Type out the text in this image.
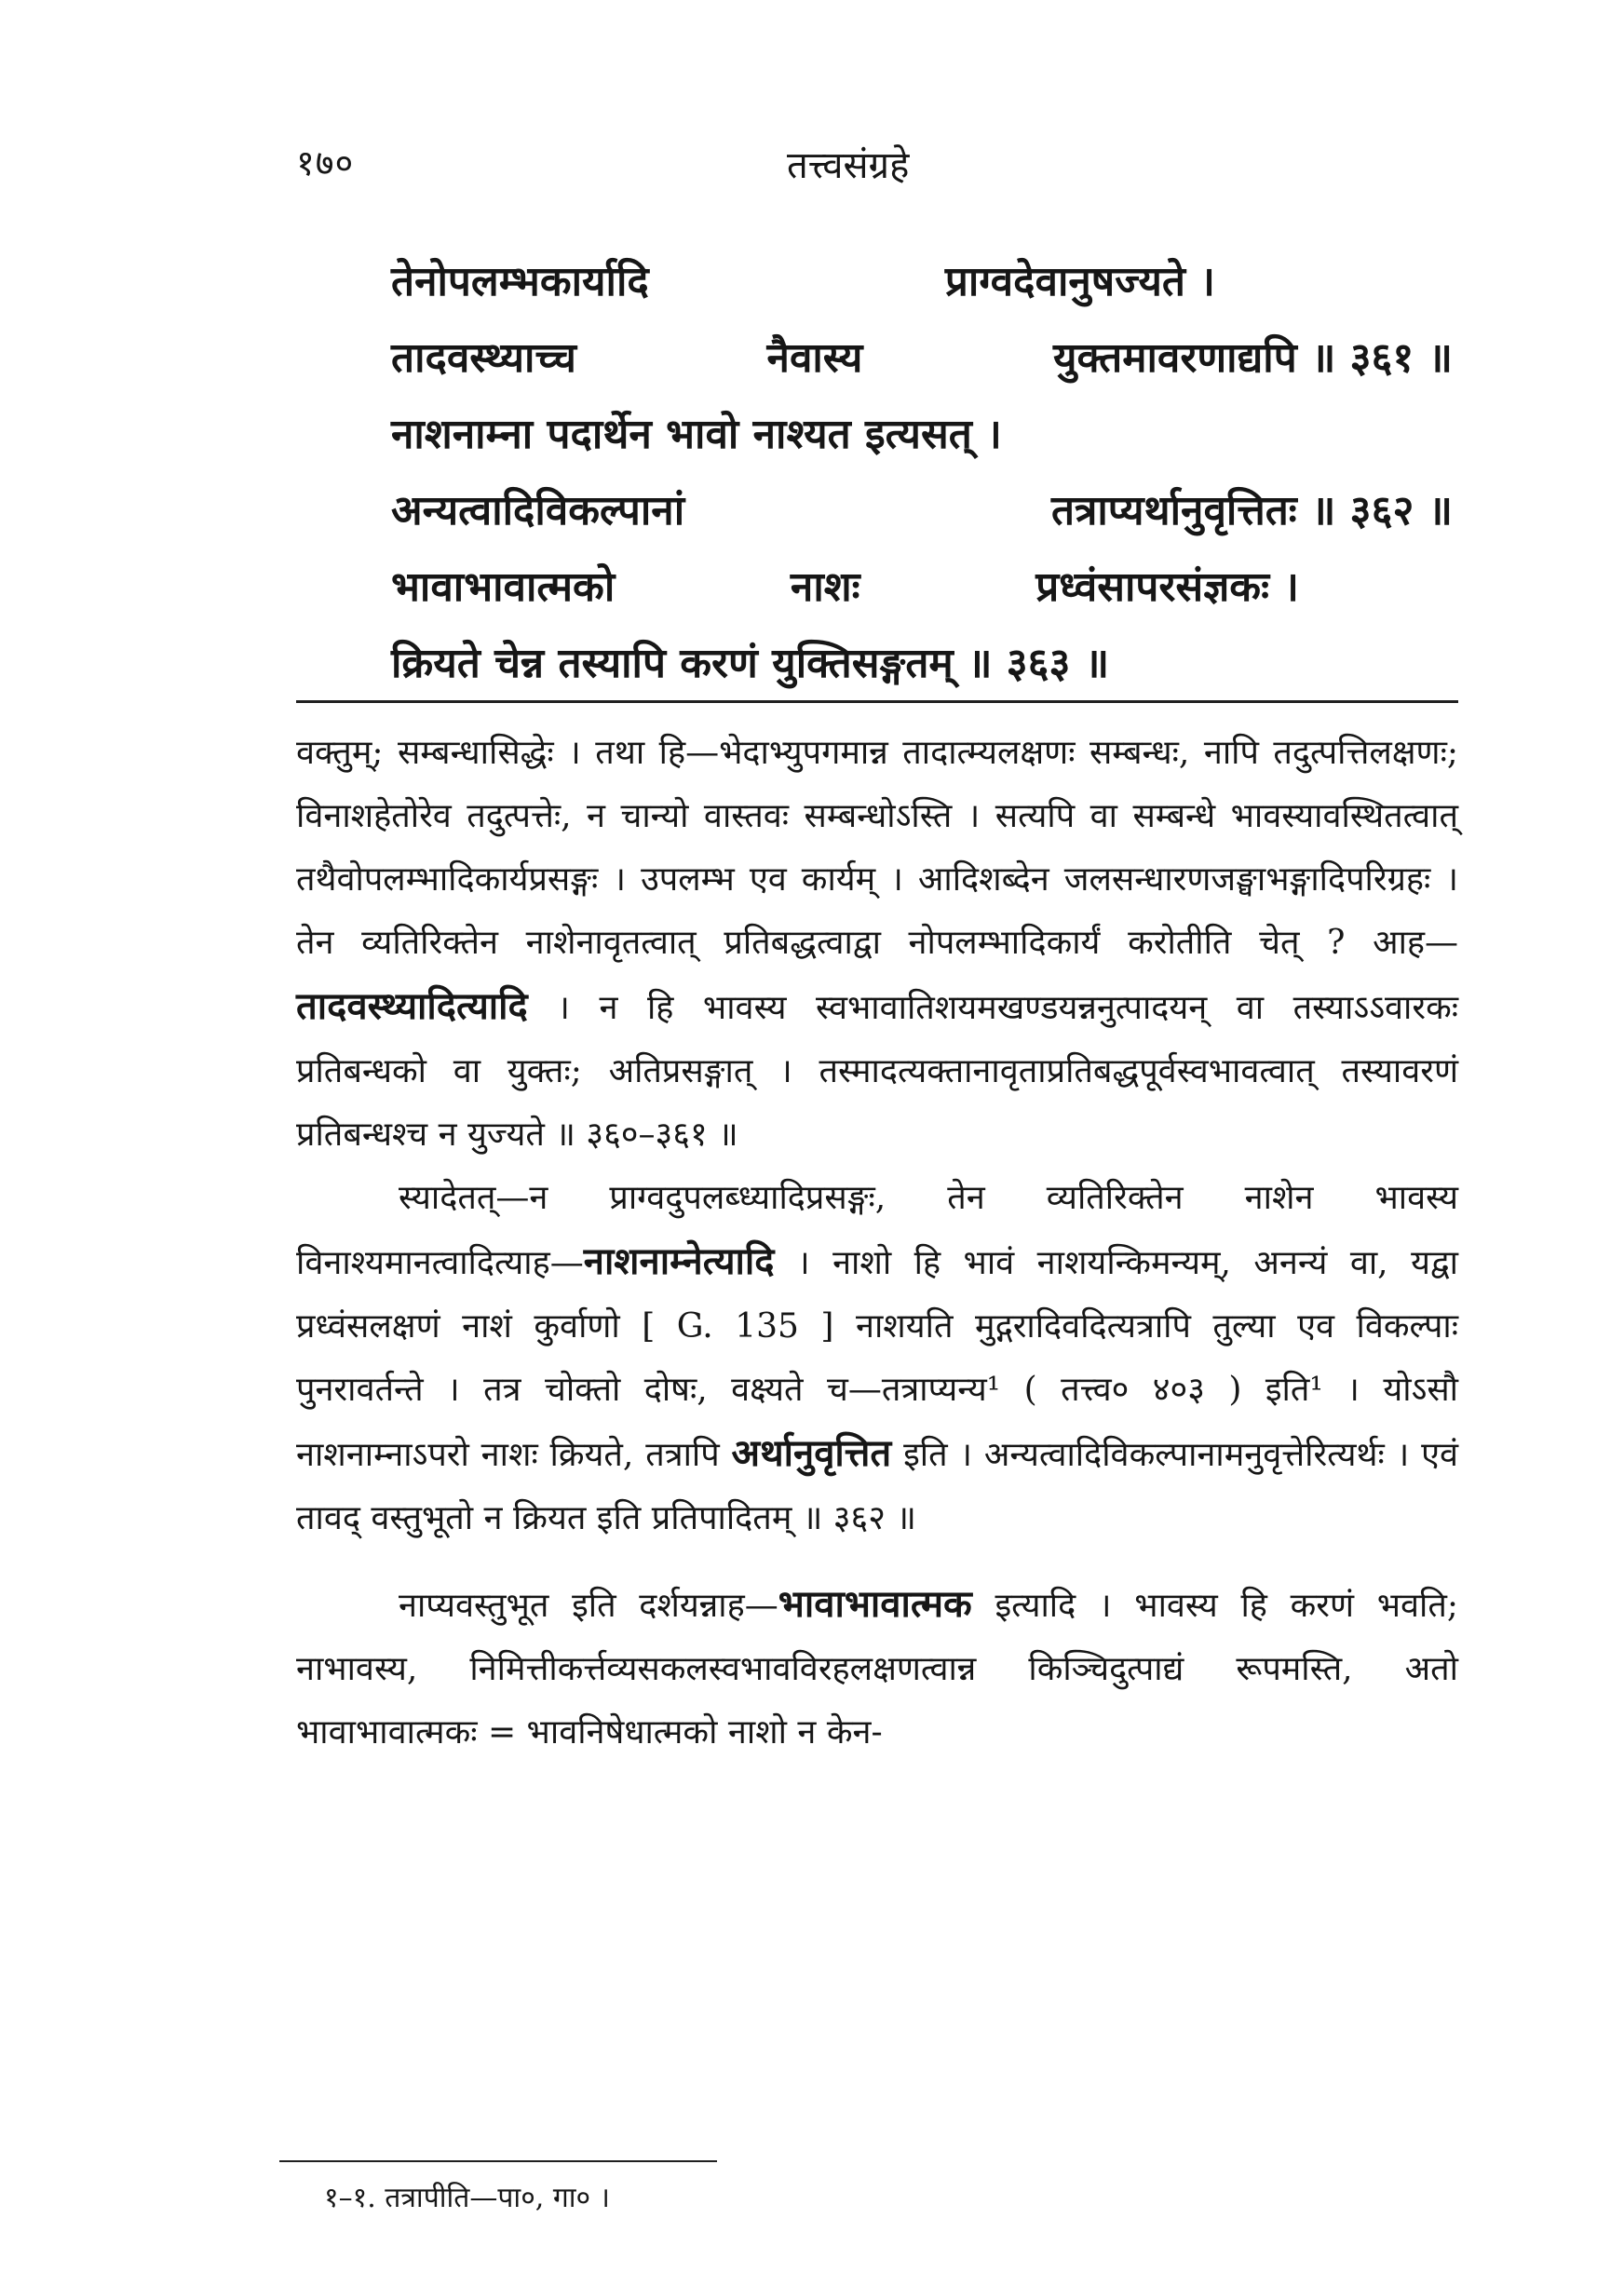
१७०	तत्त्वसंग्रहे
तेनोपलम्भकार्यादि	प्राग्वदेवानुषज्यते ।
तादवस्थ्याच्च	नैवास्य	युक्तमावरणाद्यपि ॥ ३६१ ॥
नाशनाम्ना पदार्थेन भावो नाश्यत इत्यसत् ।
अन्यत्वादिविकल्पानां	तत्राप्यर्थानुवृत्तितः ॥ ३६२ ॥
भावाभावात्मको	नाशः	प्रध्वंसापरसंज्ञकः ।
क्रियते चेन्न तस्यापि करणं युक्तिसङ्गतम् ॥ ३६३ ॥

वक्तुम्; सम्बन्धासिद्धेः । तथा हि—भेदाभ्युपगमान्न तादात्म्यलक्षणः सम्बन्धः, नापि तदुत्पत्तिलक्षणः; विनाशहेतोरेव तदुत्पत्तेः, न चान्यो वास्तवः सम्बन्धोऽस्ति । सत्यपि वा सम्बन्धे भावस्यावस्थितत्वात् तथैवोपलम्भादिकार्यप्रसङ्गः । उपलम्भ एव कार्यम् । आदिशब्देन जलसन्धारणजङ्घाभङ्गादिपरिग्रहः । तेन व्यतिरिक्तेन नाशेनावृतत्वात् प्रतिबद्धत्वाद्वा नोपलम्भादिकार्यं करोतीति चेत् ? आह—तादवस्थ्यादित्यादि । न हि भावस्य स्वभावातिशयमखण्डयन्ननुत्पादयन् वा तस्याऽऽवारकः प्रतिबन्धको वा युक्तः; अतिप्रसङ्गात् । तस्मादत्यक्तानावृताप्रतिबद्धपूर्वस्वभावत्वात् तस्यावरणं प्रतिबन्धश्च न युज्यते ॥ ३६०–३६१ ॥

स्यादेतत्—न प्राग्वदुपलब्ध्यादिप्रसङ्गः, तेन व्यतिरिक्तेन नाशेन भावस्य विनाश्यमानत्वादित्याह—नाशनाम्नेत्यादि । नाशो हि भावं नाशयन्किमन्यम्, अनन्यं वा, यद्वा प्रध्वंसलक्षणं नाशं कुर्वाणो [ G. 135 ] नाशयति मुद्गरादिवदित्यत्रापि तुल्या एव विकल्पाः पुनरावर्तन्ते । तत्र चोक्तो दोषः, वक्ष्यते च—तत्राप्यन्य¹ ( तत्त्व० ४०३ ) इति¹ । योऽसौ नाशनाम्नाऽपरो नाशः क्रियते, तत्रापि अर्थानुवृत्तित इति । अन्यत्वादिविकल्पानामनुवृत्तेरित्यर्थः । एवं तावद् वस्तुभूतो न क्रियत इति प्रतिपादितम् ॥ ३६२ ॥

नाप्यवस्तुभूत इति दर्शयन्नाह—भावाभावात्मक इत्यादि । भावस्य हि करणं भवति; नाभावस्य, निमित्तीकर्त्तव्यसकलस्वभावविरहलक्षणत्वान्न किञ्चिदुत्पाद्यं रूपमस्ति, अतो भावाभावात्मकः = भावनिषेधात्मको नाशो न केन-

१–१. तत्रापीति—पा०, गा० ।
